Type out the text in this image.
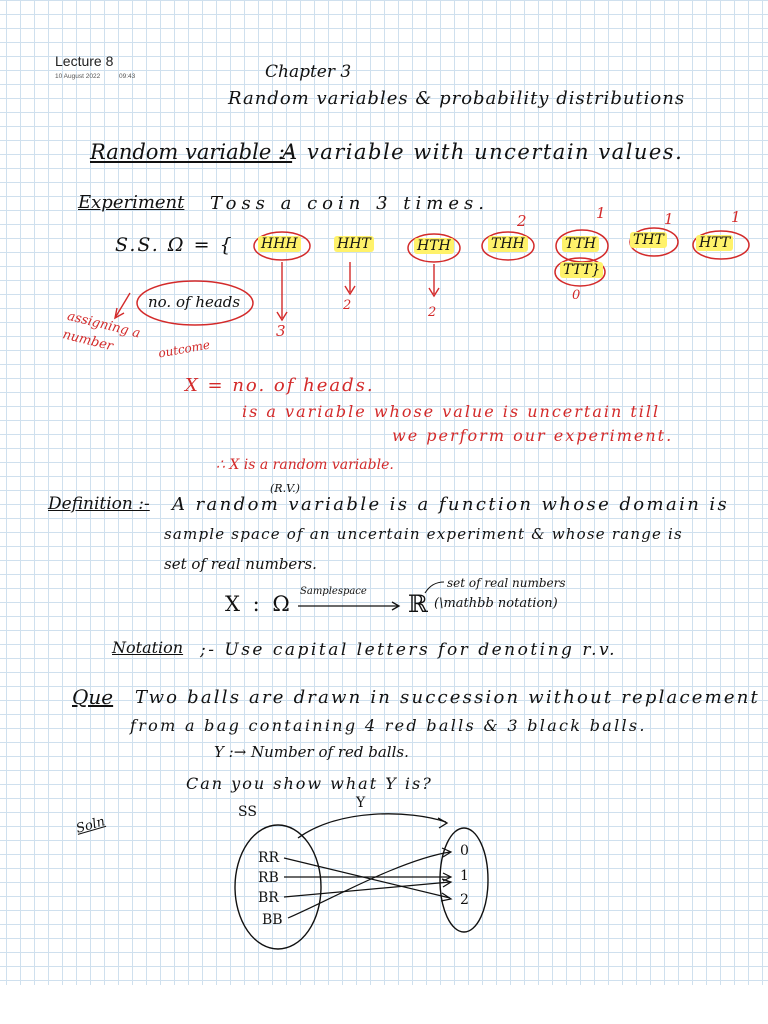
Lecture 8
10 August 2022	09:43	Chapter 3
Random variables & probability distributions
Random variable :-
A variable with uncertain values.
Experiment Toss a coin 3 times.
S.S. Ω = { HHH	HHT	HTH	THH	TTH	THT	HTT
TTT}
2	1	1	1
3
2	2
0
no. of heads
assigning a number	outcome
X = no. of heads.
is a variable whose value is uncertain till
we perform our experiment.
∴ X is a random variable.
(R.V.)
Definition :- A random variable is a function whose domain is
sample space of an uncertain experiment & whose range is
set of real numbers.
X : Ω	ℝ
Samplespace
set of real numbers
(\mathbb notation)
Notation ;- Use capital letters for denoting r.v.
Que Two balls are drawn in succession without replacement
from a bag containing 4 red balls & 3 black balls.
Y :→ Number of red balls.
Can you show what Y is?
Soln
SS
Y
RR
RB
BR
BB
0
1
2
